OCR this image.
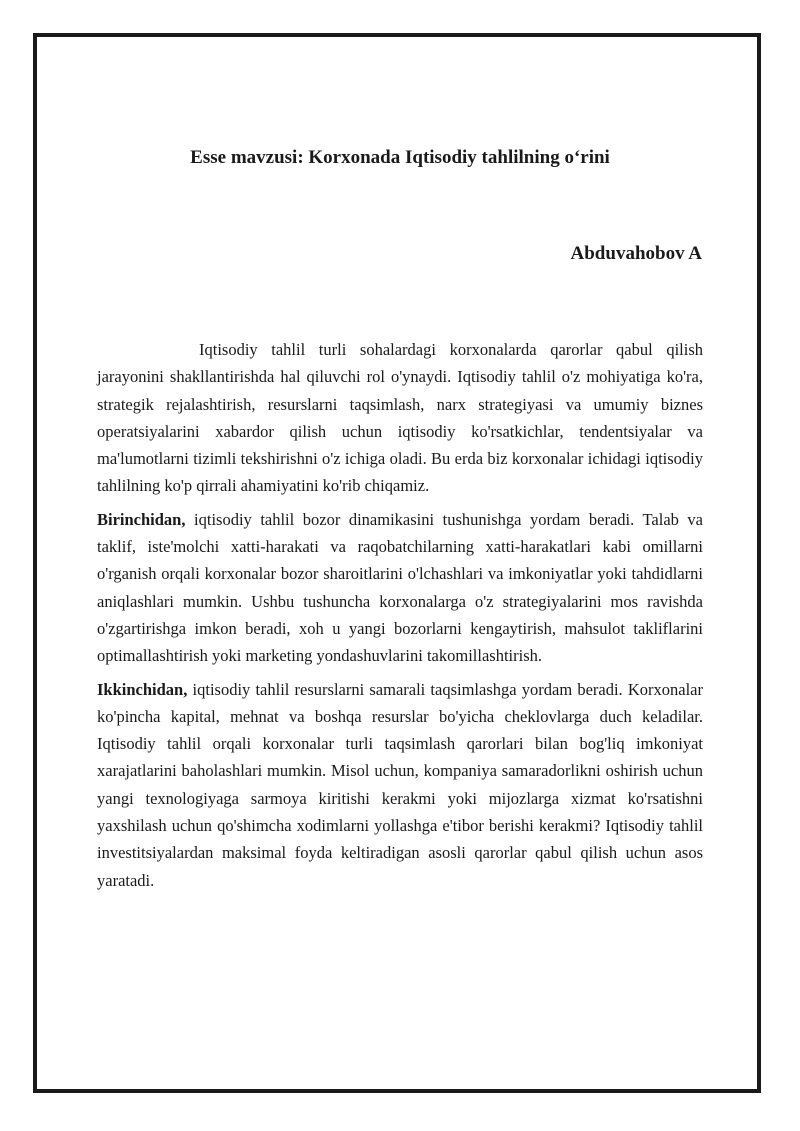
Esse mavzusi: Korxonada Iqtisodiy tahlilning o‘rini
Abduvahobov A

Iqtisodiy tahlil turli sohalardagi korxonalarda qarorlar qabul qilish jarayonini shakllantirishda hal qiluvchi rol o'ynaydi. Iqtisodiy tahlil o'z mohiyatiga ko'ra, strategik rejalashtirish, resurslarni taqsimlash, narx strategiyasi va umumiy biznes operatsiyalarini xabardor qilish uchun iqtisodiy ko'rsatkichlar, tendentsiyalar va ma'lumotlarni tizimli tekshirishni o'z ichiga oladi. Bu erda biz korxonalar ichidagi iqtisodiy tahlilning ko'p qirrali ahamiyatini ko'rib chiqamiz.

Birinchidan, iqtisodiy tahlil bozor dinamikasini tushunishga yordam beradi. Talab va taklif, iste'molchi xatti-harakati va raqobatchilarning xatti-harakatlari kabi omillarni o'rganish orqali korxonalar bozor sharoitlarini o'lchashlari va imkoniyatlar yoki tahdidlarni aniqlashlari mumkin. Ushbu tushuncha korxonalarga o'z strategiyalarini mos ravishda o'zgartirishga imkon beradi, xoh u yangi bozorlarni kengaytirish, mahsulot takliflarini optimallashtirish yoki marketing yondashuvlarini takomillashtirish.

Ikkinchidan, iqtisodiy tahlil resurslarni samarali taqsimlashga yordam beradi. Korxonalar ko'pincha kapital, mehnat va boshqa resurslar bo'yicha cheklovlarga duch keladilar. Iqtisodiy tahlil orqali korxonalar turli taqsimlash qarorlari bilan bog'liq imkoniyat xarajatlarini baholashlari mumkin. Misol uchun, kompaniya samaradorlikni oshirish uchun yangi texnologiyaga sarmoya kiritishi kerakmi yoki mijozlarga xizmat ko'rsatishni yaxshilash uchun qo'shimcha xodimlarni yollashga e'tibor berishi kerakmi? Iqtisodiy tahlil investitsiyalardan maksimal foyda keltiradigan asosli qarorlar qabul qilish uchun asos yaratadi.
